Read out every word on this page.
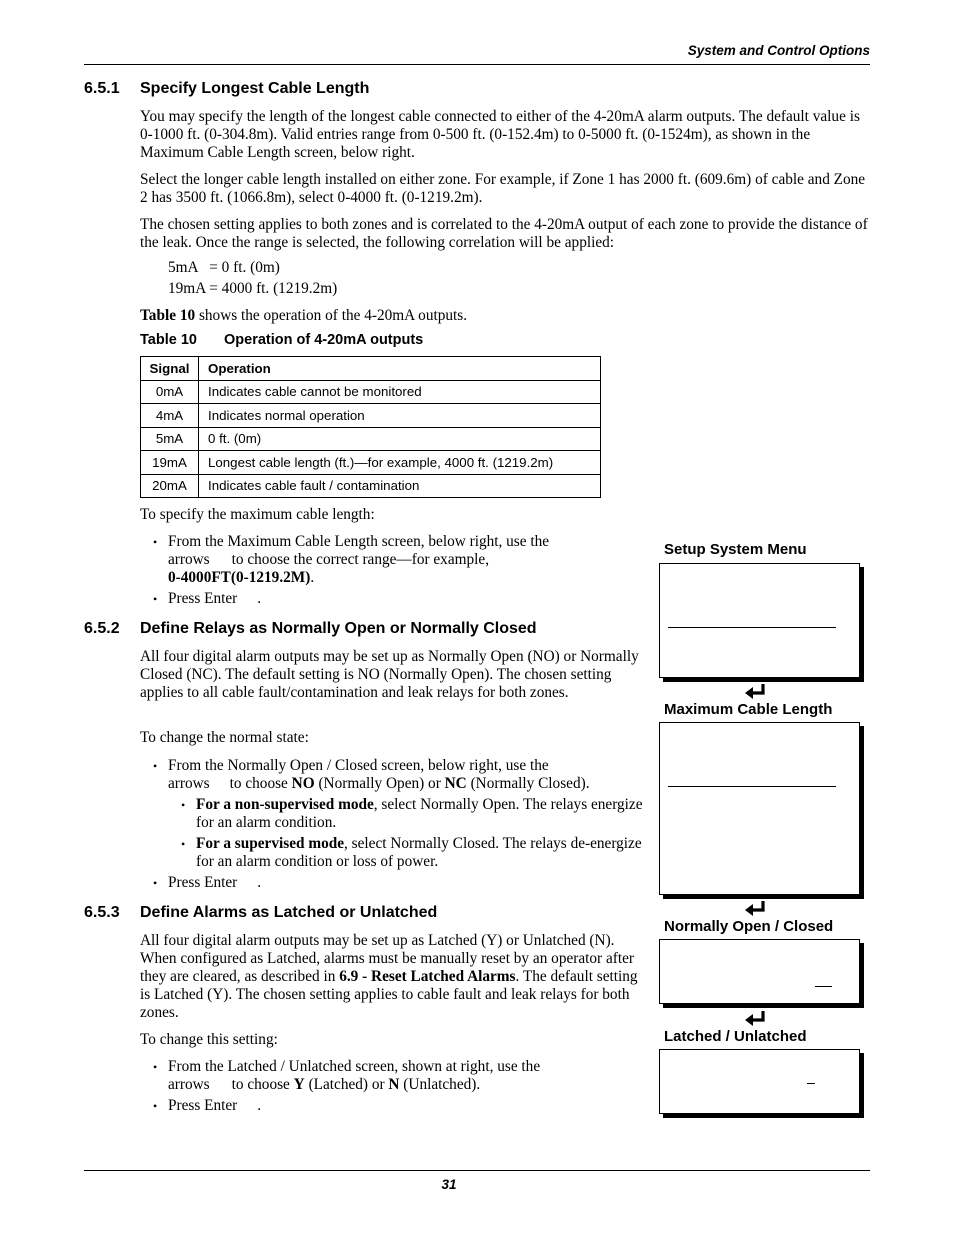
System and Control Options
6.5.1 Specify Longest Cable Length

You may specify the length of the longest cable connected to either of the 4-20mA alarm outputs. The default value is 0-1000 ft. (0-304.8m). Valid entries range from 0-500 ft. (0-152.4m) to 0-5000 ft. (0-1524m), as shown in the Maximum Cable Length screen, below right.

Select the longer cable length installed on either zone. For example, if Zone 1 has 2000 ft. (609.6m) of cable and Zone 2 has 3500 ft. (1066.8m), select 0-4000 ft. (0-1219.2m).

The chosen setting applies to both zones and is correlated to the 4-20mA output of each zone to provide the distance of the leak. Once the range is selected, the following correlation will be applied:

5mA   = 0 ft. (0m)

19mA = 4000 ft. (1219.2m)

Table 10 shows the operation of the 4-20mA outputs.

Table 10 Operation of 4-20mA outputs
Signal	Operation
0mA	Indicates cable cannot be monitored
4mA	Indicates normal operation
5mA	0 ft. (0m)
19mA	Longest cable length (ft.)—for example, 4000 ft. (1219.2m)
20mA	Indicates cable fault / contamination

To specify the maximum cable length:

• From the Maximum Cable Length screen, below right, use the
arrows to choose the correct range—for example,
0-4000FT(0-1219.2M).
• Press Enter .
6.5.2 Define Relays as Normally Open or Normally Closed

All four digital alarm outputs may be set up as Normally Open (NO) or Normally Closed (NC). The default setting is NO (Normally Open). The chosen setting applies to all cable fault/contamination and leak relays for both zones.

To change the normal state:

• From the Normally Open / Closed screen, below right, use the
arrows to choose NO (Normally Open) or NC (Normally Closed).
• For a non-supervised mode, select Normally Open. The relays energize for an alarm condition.
• For a supervised mode, select Normally Closed. The relays de-energize for an alarm condition or loss of power.
• Press Enter .
6.5.3 Define Alarms as Latched or Unlatched

All four digital alarm outputs may be set up as Latched (Y) or Unlatched (N). When configured as Latched, alarms must be manually reset by an operator after they are cleared, as described in 6.9 - Reset Latched Alarms. The default setting is Latched (Y). The chosen setting applies to cable fault and leak relays for both zones.

To change this setting:

• From the Latched / Unlatched screen, shown at right, use the
arrows to choose Y (Latched) or N (Unlatched).
• Press Enter .
Setup System Menu
Maximum Cable Length
Normally Open / Closed
Latched / Unlatched
31
